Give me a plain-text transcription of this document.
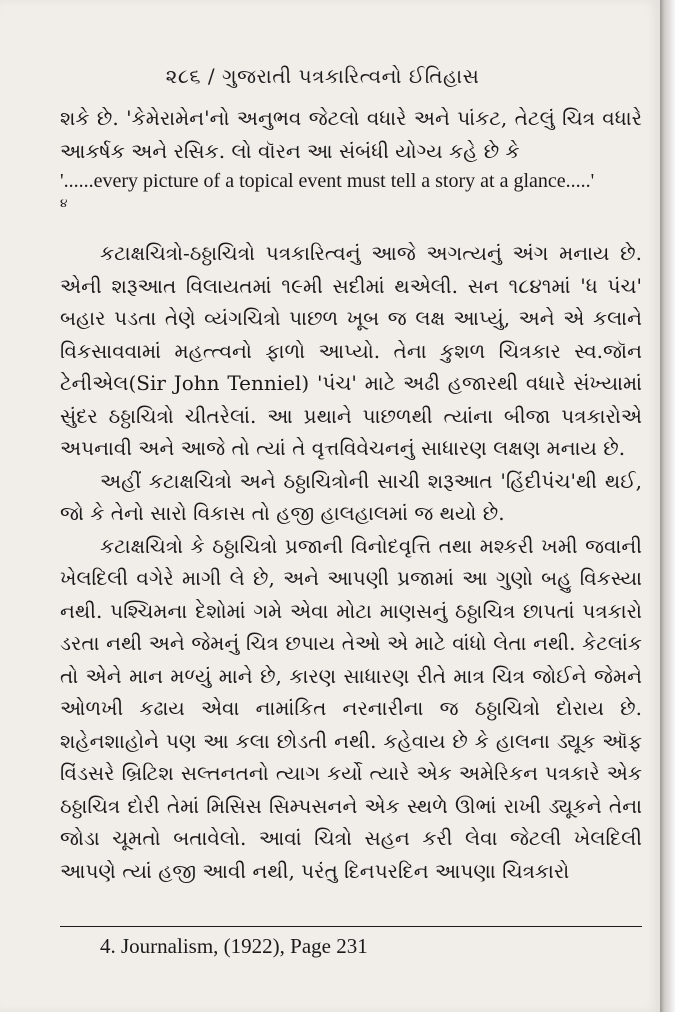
૨૮૬ / ગુજરાતી પત્રકારિત્વનો ઈતિહાસ

શકે છે. 'કેમેરામેન'નો અનુભવ જેટલો વધારે અને પાંકટ, તેટલું ચિત્ર વધારે આકર્ષક અને રસિક. લો વૉરન આ સંબંધી યોગ્ય કહે છે કે

'......every picture of a topical event must tell a story at a glance.....'

૪

કટાક્ષચિત્રો-ઠઠ્ઠાચિત્રો પત્રકારિત્વનું આજે અગત્યનું અંગ મનાય છે. એની શરૂઆત વિલાયતમાં ૧૯મી સદીમાં થએલી. સન ૧૮૪૧માં 'ધ પંચ' બહાર પડતા તેણે વ્યંગચિત્રો પાછળ ખૂબ જ લક્ષ આપ્યું, અને એ કલાને વિકસાવવામાં મહત્ત્વનો ફાળો આપ્યો. તેના કુશળ ચિત્રકાર સ્વ.જૉન ટેનીએલ(Sir John Tenniel) 'પંચ' માટે અઢી હજારથી વધારે સંખ્યામાં સુંદર ઠઠ્ઠાચિત્રો ચીતરેલાં. આ પ્રથાને પાછળથી ત્યાંના બીજા પત્રકારોએ અપનાવી અને આજે તો ત્યાં તે વૃત્તવિવેચનનું સાધારણ લક્ષણ મનાય છે.

અહીં કટાક્ષચિત્રો અને ઠઠ્ઠાચિત્રોની સાચી શરૂઆત 'હિંદીપંચ'થી થઈ, જો કે તેનો સારો વિકાસ તો હજી હાલહાલમાં જ થયો છે.

કટાક્ષચિત્રો કે ઠઠ્ઠાચિત્રો પ્રજાની વિનોદવૃત્તિ તથા મશ્કરી ખમી જવાની ખેલદિલી વગેરે માગી લે છે, અને આપણી પ્રજામાં આ ગુણો બહુ વિકસ્યા નથી. પશ્ચિમના દેશોમાં ગમે એવા મોટા માણસનું ઠઠ્ઠાચિત્ર છાપતાં પત્રકારો ડરતા નથી અને જેમનું ચિત્ર છપાય તેઓ એ માટે વાંધો લેતા નથી. કેટલાંક તો એને માન મળ્યું માને છે, કારણ સાધારણ રીતે માત્ર ચિત્ર જોઈને જેમને ઓળખી કઢાય એવા નામાંકિત નરનારીના જ ઠઠ્ઠાચિત્રો દોરાય છે. શહેનશાહોને પણ આ કલા છોડતી નથી. કહેવાય છે કે હાલના ડ્યૂક ઑફ વિંડસરે બ્રિટિશ સલ્તનતનો ત્યાગ કર્યો ત્યારે એક અમેરિકન પત્રકારે એક ઠઠ્ઠાચિત્ર દોરી તેમાં મિસિસ સિમ્પસનને એક સ્થળે ઊભાં રાખી ડ્યૂકને તેના જોડા ચૂમતો બતાવેલો. આવાં ચિત્રો સહન કરી લેવા જેટલી ખેલદિલી આપણે ત્યાં હજી આવી નથી, પરંતુ દિનપરદિન આપણા ચિત્રકારો

4. Journalism, (1922), Page 231
